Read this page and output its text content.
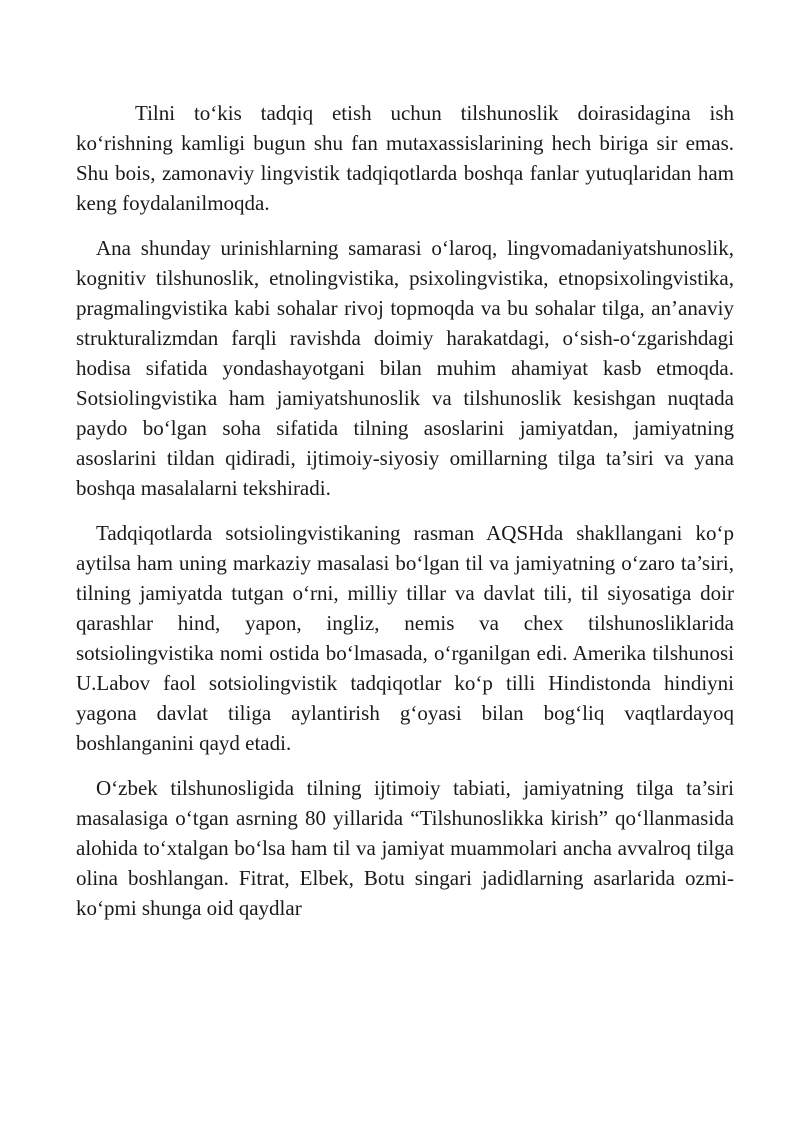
Tilni to‘kis tadqiq etish uchun tilshunoslik doirasidagina ish ko‘rishning kamligi bugun shu fan mutaxassislarining hech biriga sir emas. Shu bois, zamonaviy lingvistik tadqiqotlarda boshqa fanlar yutuqlaridan ham keng foydalanilmoqda.

Ana shunday urinishlarning samarasi o‘laroq, lingvomadaniyatshunoslik, kognitiv tilshunoslik, etnolingvistika, psixolingvistika, etnopsixolingvistika, pragmalingvistika kabi sohalar rivoj topmoqda va bu sohalar tilga, an’anaviy strukturalizmdan farqli ravishda doimiy harakatdagi, o‘sish-o‘zgarishdagi hodisa sifatida yondashayotgani bilan muhim ahamiyat kasb etmoqda. Sotsiolingvistika ham jamiyatshunoslik va tilshunoslik kesishgan nuqtada paydo bo‘lgan soha sifatida tilning asoslarini jamiyatdan, jamiyatning asoslarini tildan qidiradi, ijtimoiy-siyosiy omillarning tilga ta’siri va yana boshqa masalalarni tekshiradi.

Tadqiqotlarda sotsiolingvistikaning rasman AQSHda shakllangani ko‘p aytilsa ham uning markaziy masalasi bo‘lgan til va jamiyatning o‘zaro ta’siri, tilning jamiyatda tutgan o‘rni, milliy tillar va davlat tili, til siyosatiga doir qarashlar hind, yapon, ingliz, nemis va chex tilshunosliklarida sotsiolingvistika nomi ostida bo‘lmasada, o‘rganilgan edi. Amerika tilshunosi U.Labov faol sotsiolingvistik tadqiqotlar ko‘p tilli Hindistonda hindiyni yagona davlat tiliga aylantirish g‘oyasi bilan bog‘liq vaqtlardayoq boshlanganini qayd etadi.

O‘zbek tilshunosligida tilning ijtimoiy tabiati, jamiyatning tilga ta’siri masalasiga o‘tgan asrning 80 yillarida “Tilshunoslikka kirish” qo‘llanmasida alohida to‘xtalgan bo‘lsa ham til va jamiyat muammolari ancha avvalroq tilga olina boshlangan. Fitrat, Elbek, Botu singari jadidlarning asarlarida ozmi-ko‘pmi shunga oid qaydlar
